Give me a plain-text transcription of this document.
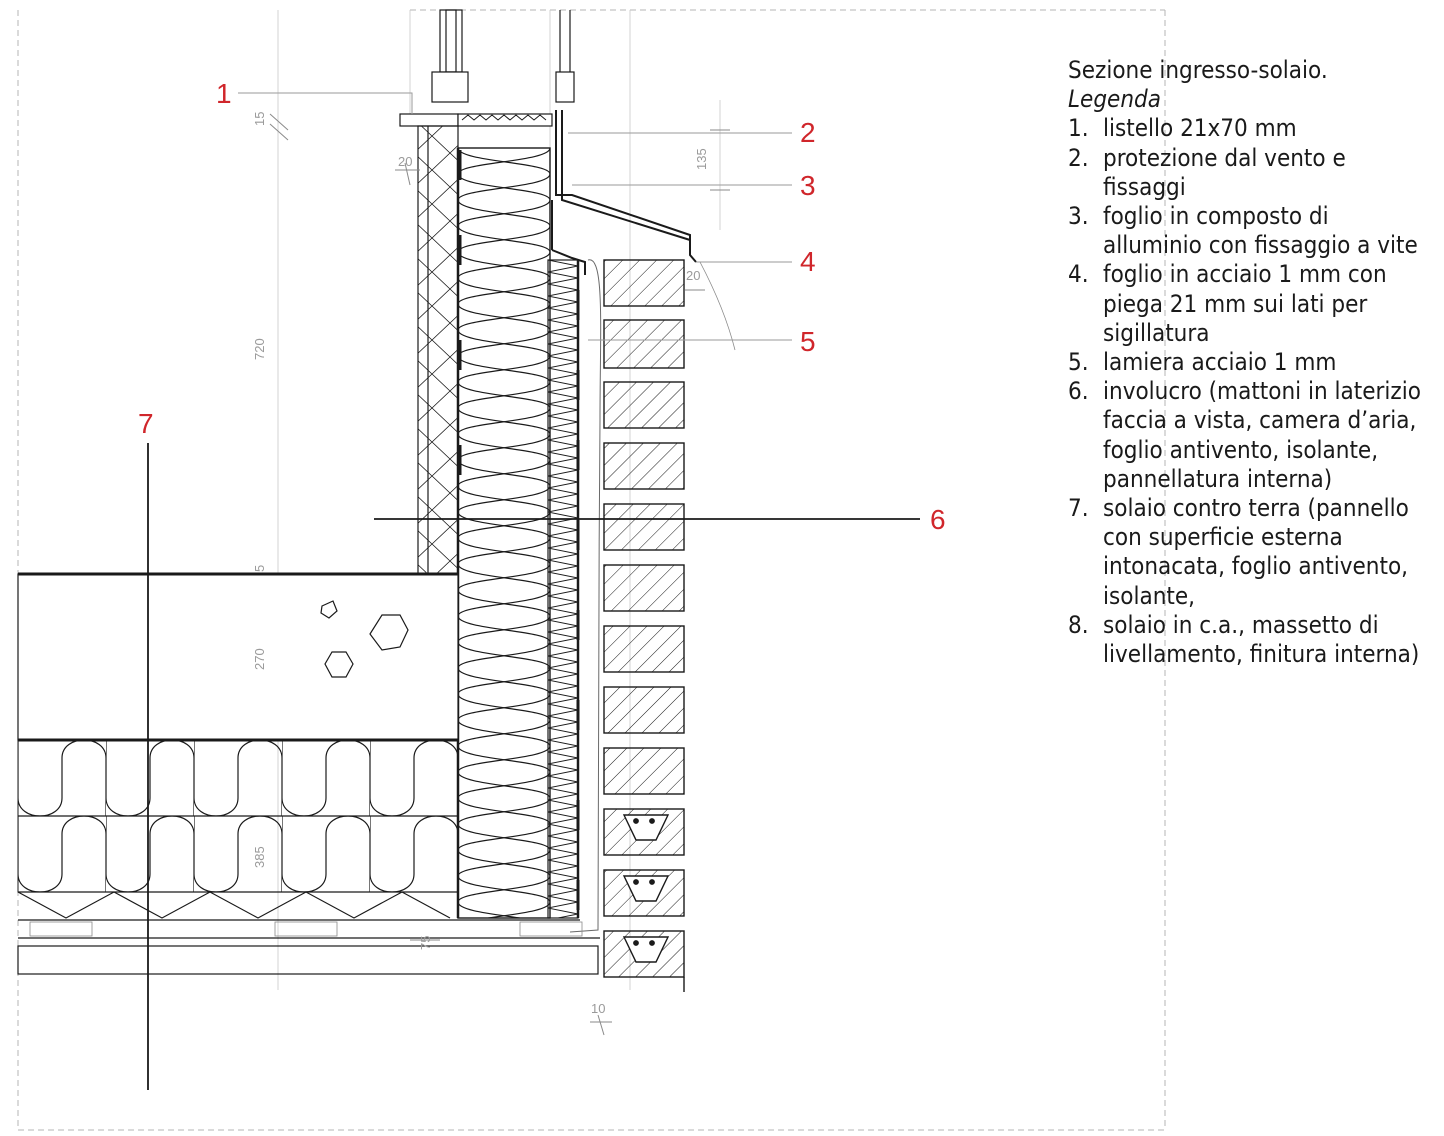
15
20	135
720
20
5
270
385
75
10
1
2
3
4
5
6
7

Sezione ingresso-solaio.

Legenda

1. listello 21x70 mm
2. protezione dal vento e fissaggi
3. foglio in composto di alluminio con fissaggio a vite
4. foglio in acciaio 1 mm con piega 21 mm sui lati per sigillatura
5. lamiera acciaio 1 mm
6. involucro (mattoni in laterizio faccia a vista, camera d’aria, foglio antivento, isolante, pannellatura interna)
7. solaio contro terra (pannello con superficie esterna intonacata, foglio antivento, isolante,
8. solaio in c.a., massetto di livellamento, finitura interna)
